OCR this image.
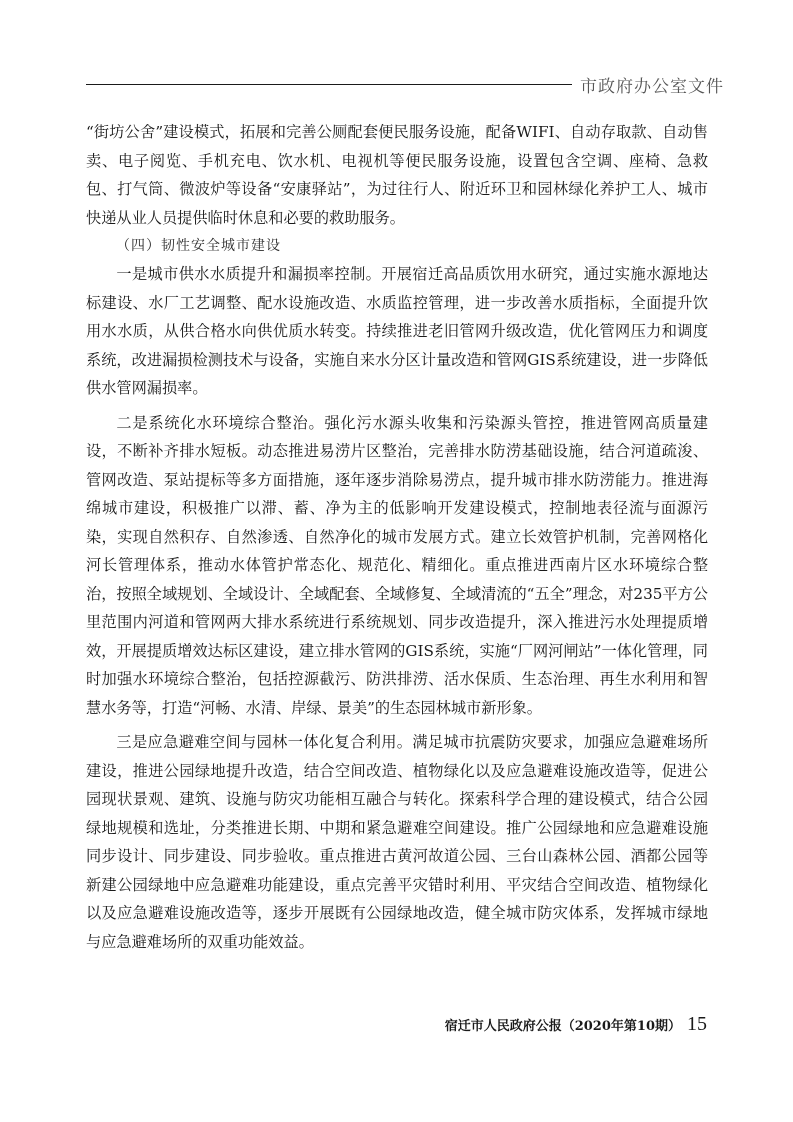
市政府办公室文件

“街坊公舍”建设模式，拓展和完善公厕配套便民服务设施，配备WIFI、自动存取款、自动售卖、电子阅览、手机充电、饮水机、电视机等便民服务设施，设置包含空调、座椅、急救包、打气筒、微波炉等设备“安康驿站”，为过往行人、附近环卫和园林绿化养护工人、城市快递从业人员提供临时休息和必要的救助服务。

（四）韧性安全城市建设

一是城市供水水质提升和漏损率控制。开展宿迁高品质饮用水研究，通过实施水源地达标建设、水厂工艺调整、配水设施改造、水质监控管理，进一步改善水质指标，全面提升饮用水水质，从供合格水向供优质水转变。持续推进老旧管网升级改造，优化管网压力和调度系统，改进漏损检测技术与设备，实施自来水分区计量改造和管网GIS系统建设，进一步降低供水管网漏损率。

二是系统化水环境综合整治。强化污水源头收集和污染源头管控，推进管网高质量建设，不断补齐排水短板。动态推进易涝片区整治，完善排水防涝基础设施，结合河道疏浚、管网改造、泵站提标等多方面措施，逐年逐步消除易涝点，提升城市排水防涝能力。推进海绵城市建设，积极推广以滞、蓄、净为主的低影响开发建设模式，控制地表径流与面源污染，实现自然积存、自然渗透、自然净化的城市发展方式。建立长效管护机制，完善网格化河长管理体系，推动水体管护常态化、规范化、精细化。重点推进西南片区水环境综合整治，按照全域规划、全域设计、全域配套、全域修复、全域清流的“五全”理念，对235平方公里范围内河道和管网两大排水系统进行系统规划、同步改造提升，深入推进污水处理提质增效，开展提质增效达标区建设，建立排水管网的GIS系统，实施“厂网河闸站”一体化管理，同时加强水环境综合整治，包括控源截污、防洪排涝、活水保质、生态治理、再生水利用和智慧水务等，打造“河畅、水清、岸绿、景美”的生态园林城市新形象。

三是应急避难空间与园林一体化复合利用。满足城市抗震防灾要求，加强应急避难场所建设，推进公园绿地提升改造，结合空间改造、植物绿化以及应急避难设施改造等，促进公园现状景观、建筑、设施与防灾功能相互融合与转化。探索科学合理的建设模式，结合公园绿地规模和选址，分类推进长期、中期和紧急避难空间建设。推广公园绿地和应急避难设施同步设计、同步建设、同步验收。重点推进古黄河故道公园、三台山森林公园、酒都公园等新建公园绿地中应急避难功能建设，重点完善平灾错时利用、平灾结合空间改造、植物绿化以及应急避难设施改造等，逐步开展既有公园绿地改造，健全城市防灾体系，发挥城市绿地与应急避难场所的双重功能效益。

宿迁市人民政府公报（2020年第10期） 15
